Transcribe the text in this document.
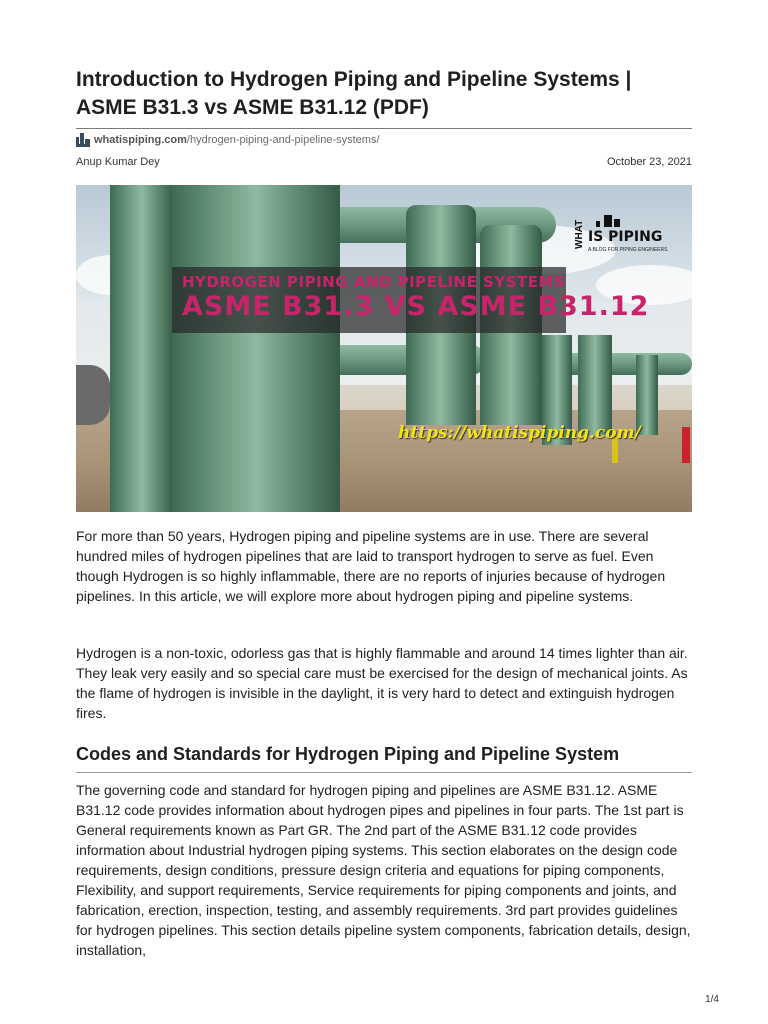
Introduction to Hydrogen Piping and Pipeline Systems | ASME B31.3 vs ASME B31.12 (PDF)
whatispiping.com /hydrogen-piping-and-pipeline-systems/
Anup Kumar Dey	October 23, 2021
WHAT IS PIPING
A BLOG FOR PIPING ENGINEERS
HYDROGEN PIPING AND PIPELINE SYSTEMS
ASME B31.3 VS ASME B31.12
https://whatispiping.com/

For more than 50 years, Hydrogen piping and pipeline systems are in use. There are several hundred miles of hydrogen pipelines that are laid to transport hydrogen to serve as fuel. Even though Hydrogen is so highly inflammable, there are no reports of injuries because of hydrogen pipelines. In this article, we will explore more about hydrogen piping and pipeline systems.

Hydrogen is a non-toxic, odorless gas that is highly flammable and around 14 times lighter than air. They leak very easily and so special care must be exercised for the design of mechanical joints. As the flame of hydrogen is invisible in the daylight, it is very hard to detect and extinguish hydrogen fires.

Codes and Standards for Hydrogen Piping and Pipeline System

The governing code and standard for hydrogen piping and pipelines are ASME B31.12. ASME B31.12 code provides information about hydrogen pipes and pipelines in four parts. The 1st part is General requirements known as Part GR. The 2nd part of the ASME B31.12 code provides information about Industrial hydrogen piping systems. This section elaborates on the design code requirements, design conditions, pressure design criteria and equations for piping components, Flexibility, and support requirements, Service requirements for piping components and joints, and fabrication, erection, inspection, testing, and assembly requirements. 3rd part provides guidelines for hydrogen pipelines. This section details pipeline system components, fabrication details, design, installation,

1/4
